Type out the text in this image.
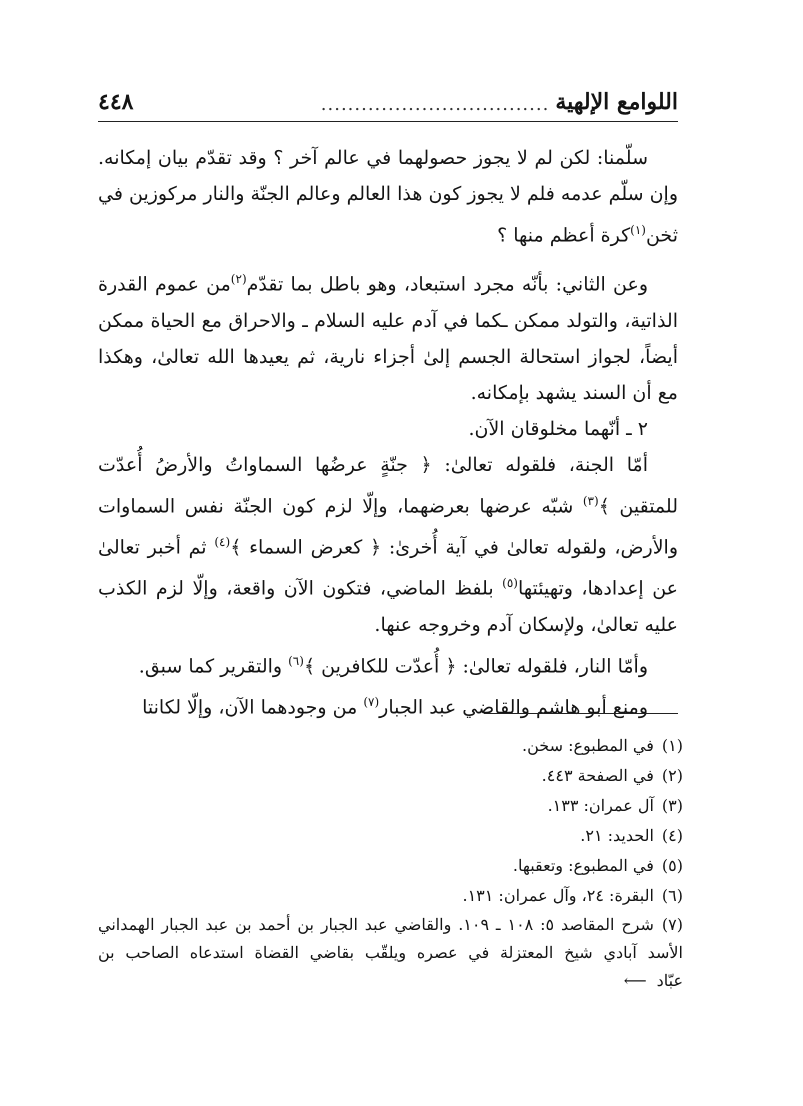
٤٤٨	اللوامع الإلهية
..................................

سلّمنا: لكن لم لا يجوز حصولهما في عالم آخر ؟ وقد تقدّم بيان إمكانه. وإن سلّم عدمه فلم لا يجوز كون هذا العالم وعالم الجنّة والنار مركوزين في ثخن$^{(١)}$كرة أعظم منها ؟

وعن الثاني: بأنّه مجرد استبعاد، وهو باطل بما تقدّم$^{(٢)}$من عموم القدرة الذاتية، والتولد ممكن ـكما في آدم عليه السلام ـ والاحراق مع الحياة ممكن أيضاً، لجواز استحالة الجسم إلىٰ أجزاء نارية، ثم يعيدها الله تعالىٰ، وهكذا مع أن السند يشهد بإمكانه.

٢ ـ أنّهما مخلوقان الآن.

أمّا الجنة، فلقوله تعالىٰ: ﴿ جنّةٍ عرضُها السماواتُ والأرضُ أُعدّت للمتقين ﴾$^{(٣)}$ شبّه عرضها بعرضهما، وإلّا لزم كون الجنّة نفس السماوات والأرض، ولقوله تعالىٰ في آية أُخرىٰ: ﴿ كعرض السماء ﴾$^{(٤)}$ ثم أخبر تعالىٰ عن إعدادها، وتهيئتها$^{(٥)}$ بلفظ الماضي، فتكون الآن واقعة، وإلّا لزم الكذب عليه تعالىٰ، ولإسكان آدم وخروجه عنها.

وأمّا النار، فلقوله تعالىٰ: ﴿ أُعدّت للكافرين ﴾$^{(٦)}$ والتقرير كما سبق.

ومنع أبو هاشم والقاضي عبد الجبار$^{(٧)}$ من وجودهما الآن، وإلّا لكانتا

(١)في المطبوع: سخن.
(٢)في الصفحة ٤٤٣.
(٣)آل عمران: ١٣٣.
(٤)الحديد: ٢١.
(٥)في المطبوع: وتعقبها.
(٦)البقرة: ٢٤، وآل عمران: ١٣١.
(٧)شرح المقاصد ٥: ١٠٨ ـ ١٠٩. والقاضي عبد الجبار بن أحمد بن عبد الجبار الهمداني الأسد آبادي شيخ المعتزلة في عصره ويلقّب بقاضي القضاة استدعاه الصاحب بن عبّاد⟵
